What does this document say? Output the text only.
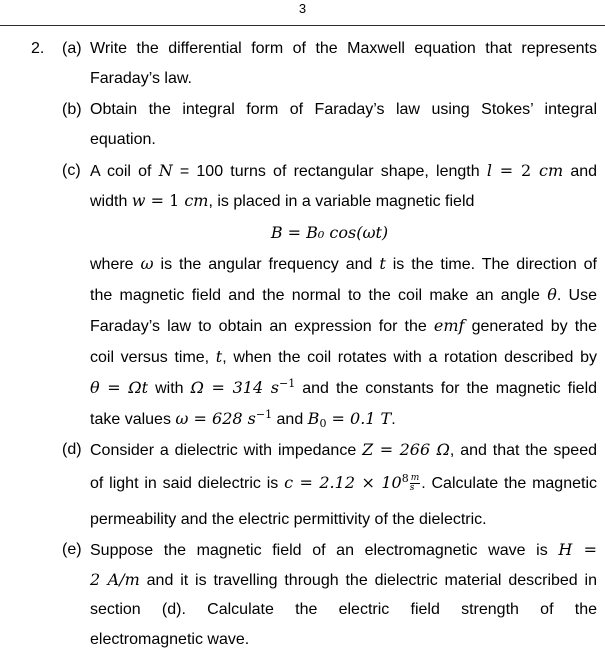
3
2. (a) Write the differential form of the Maxwell equation that represents
Faraday’s law.
(b) Obtain the integral form of Faraday’s law using Stokes’ integral
equation.
(c) A coil of N = 100 turns of rectangular shape, length l = 2 cm and
width w = 1 cm, is placed in a variable magnetic field
B = B₀ cos(ωt)
where ω is the angular frequency and t is the time. The direction of
the magnetic field and the normal to the coil make an angle θ. Use
Faraday’s law to obtain an expression for the emf generated by the
coil versus time, t, when the coil rotates with a rotation described by
θ = Ωt with Ω = 314 $s^{-1}$ and the constants for the magnetic field
take values ω = 628 $s^{-1}$ and $B_0 = 0.1$ T.
(d) Consider a dielectric with impedance Z = 266 Ω, and that the speed
of light in said dielectric is $c = 2.12 \times 10^8 \frac{m}{s}$ . Calculate the magnetic
permeability and the electric permittivity of the dielectric.
(e) Suppose the magnetic field of an electromagnetic wave is H =
2 A/m and it is travelling through the dielectric material described in
section (d). Calculate the electric field strength of the
electromagnetic wave.
